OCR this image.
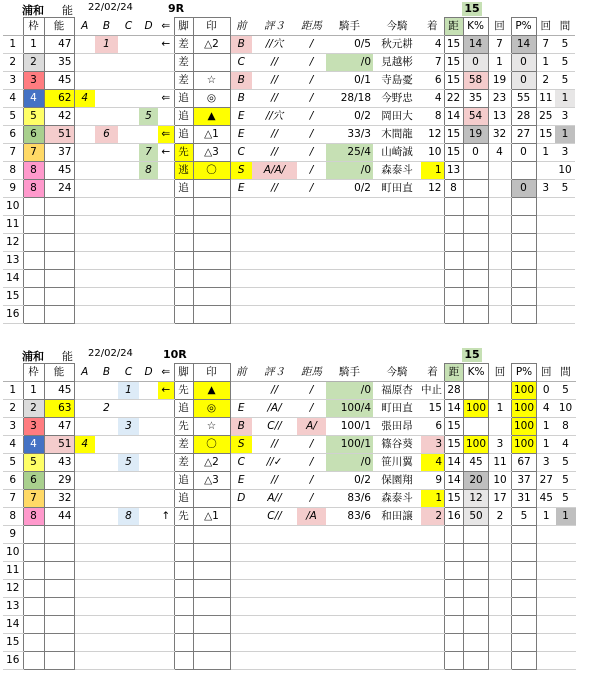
浦和 能 22/02/24	9R	15
	枠	能	A	B	C	D	⇐	脚	印	前	評３	距馬	騎手	今騎	着	距	K%	回	P%	回	間
1	1	47		1			←	差	△2	B	//穴	/	0/5	秋元耕	4	15	14	7	14	7	5
2	2	35						差		C	//	/	/0	見越彬	7	15	0	1	0	1	5
3	3	45						差	☆	B	//	/	0/1	寺島憂	6	15	58	19	0	2	5
4	4	62	4				⇐	追	◎	B	//	/	28/18	今野忠	4	22	35	23	55	11	1
5	5	42				5		追	▲	E	//穴	/	0/2	岡田大	8	14	54	13	28	25	3
6	6	51		6			⇐	追	△1	E	//	/	33/3	木間龍	12	15	19	32	27	15	1
7	7	37				7	←	先	△3	C	//	/	25/4	山崎誠	10	15	0	4	0	1	3
8	8	45				8		逃	〇	S	A/A/	/	/0	森泰斗	1	13					10
9	8	24						追		E	//	/	0/2	町田直	12	8			0	3	5
10																					
11																					
12																					
13																					
14																					
15																					
16																					
浦和 能 22/02/24	10R	15
	枠	能	A	B	C	D	⇐	脚	印	前	評３	距馬	騎手	今騎	着	距	K%	回	P%	回	間
1	1	45			1		←	先	▲		//	/	/0	福原杏	中止	28			100	0	5
2	2	63		2				追	◎	E	/A/	/	100/4	町田直	15	14	100	1	100	4	10
3	3	47			3			先	☆	B	C//	A/	100/1	張田昂	6	15			100	1	8
4	4	51	4					差	〇	S	//	/	100/1	篠谷葵	3	15	100	3	100	1	4
5	5	43			5			差	△2	C	//✓	/	/0	笹川翼	4	14	45	11	67	3	5
6	6	29						追	△3	E	//	/	0/2	保園翔	9	14	20	10	37	27	5
7	7	32						追		D	A//	/	83/6	森泰斗	1	15	12	17	31	45	5
8	8	44			8		↑	先	△1		C//	/A	83/6	和田譲	2	16	50	2	5	1	1
9																					
10																					
11																					
12																					
13																					
14																					
15																					
16																					
